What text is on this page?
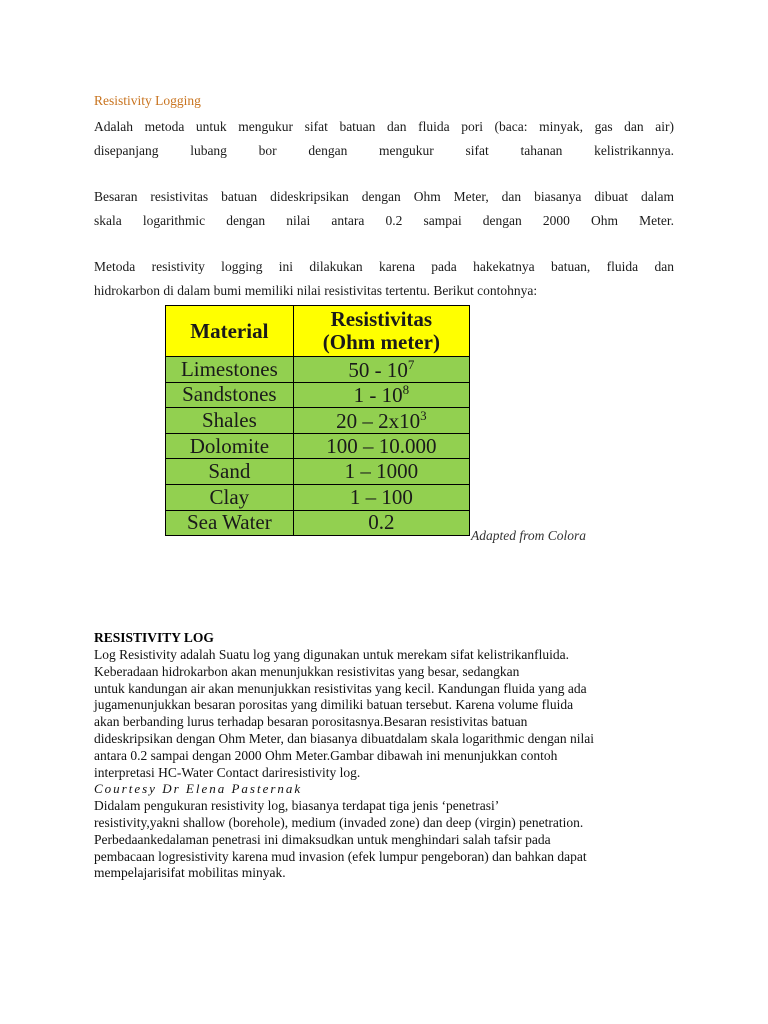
Resistivity Logging

Adalah metoda untuk mengukur sifat batuan dan fluida pori (baca: minyak, gas dan air)

disepanjang lubang bor dengan mengukur sifat tahanan kelistrikannya.

Besaran resistivitas batuan dideskripsikan dengan Ohm Meter, dan biasanya dibuat dalam

skala logarithmic dengan nilai antara 0.2 sampai dengan 2000 Ohm Meter.

Metoda resistivity logging ini dilakukan karena pada hakekatnya batuan, fluida dan

hidrokarbon di dalam bumi memiliki nilai resistivitas tertentu. Berikut contohnya:

Material	Resistivitas
(Ohm meter)

Limestones	$50 - 10^7$
Sandstones	$1 - 10^8$
Shales	$20 - 2x10^3$
Dolomite	100 – 10.000
Sand	1 – 1000
Clay	1 – 100
Sea Water	0.2
Adapted from Colora
RESISTIVITY LOG
Log Resistivity adalah Suatu log yang digunakan untuk merekam sifat kelistrikanfluida.
Keberadaan hidrokarbon akan menunjukkan resistivitas yang besar, sedangkan
untuk kandungan air akan menunjukkan resistivitas yang kecil. Kandungan fluida yang ada
jugamenunjukkan besaran porositas yang dimiliki batuan tersebut. Karena volume fluida
akan berbanding lurus terhadap besaran porositasnya.Besaran resistivitas batuan
dideskripsikan dengan Ohm Meter, dan biasanya dibuatdalam skala logarithmic dengan nilai
antara 0.2 sampai dengan 2000 Ohm Meter.Gambar dibawah ini menunjukkan contoh
interpretasi HC-Water Contact dariresistivity log.
Courtesy Dr Elena Pasternak
Didalam pengukuran resistivity log, biasanya terdapat tiga jenis ‘penetrasi’
resistivity,yakni shallow (borehole), medium (invaded zone) dan deep (virgin) penetration.
Perbedaankedalaman penetrasi ini dimaksudkan untuk menghindari salah tafsir pada
pembacaan logresistivity karena mud invasion (efek lumpur pengeboran) dan bahkan dapat
mempelajarisifat mobilitas minyak.
